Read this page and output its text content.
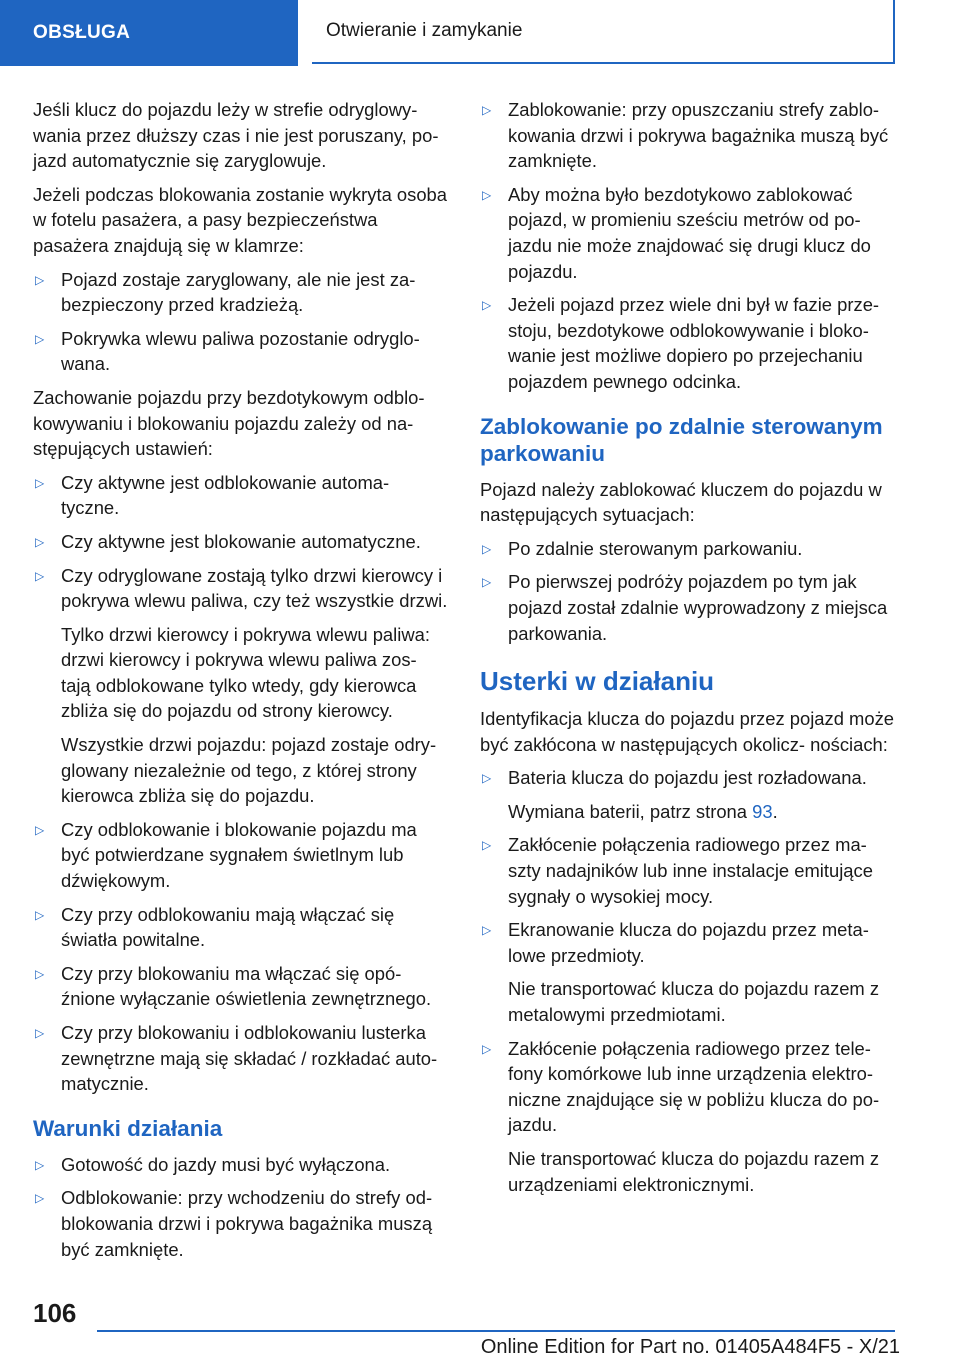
OBSŁUGA	Otwieranie i zamykanie

Jeśli klucz do pojazdu leży w strefie odryglowy‐ wania przez dłuższy czas i nie jest poruszany, po‐ jazd automatycznie się zaryglowuje.

Jeżeli podczas blokowania zostanie wykryta osoba w fotelu pasażera, a pasy bezpieczeństwa pasażera znajdują się w klamrze:

▷ Pojazd zostaje zaryglowany, ale nie jest za‐ bezpieczony przed kradzieżą.

▷ Pokrywka wlewu paliwa pozostanie odryglo‐ wana.

Zachowanie pojazdu przy bezdotykowym odblo‐ kowywaniu i blokowaniu pojazdu zależy od na‐ stępujących ustawień:

▷ Czy aktywne jest odblokowanie automa‐ tyczne.

▷ Czy aktywne jest blokowanie automatyczne.

▷ Czy odryglowane zostają tylko drzwi kierowcy i pokrywa wlewu paliwa, czy też wszystkie drzwi.

Tylko drzwi kierowcy i pokrywa wlewu paliwa: drzwi kierowcy i pokrywa wlewu paliwa zos‐ tają odblokowane tylko wtedy, gdy kierowca zbliża się do pojazdu od strony kierowcy.

Wszystkie drzwi pojazdu: pojazd zostaje odry‐ glowany niezależnie od tego, z której strony kierowca zbliża się do pojazdu.

▷ Czy odblokowanie i blokowanie pojazdu ma być potwierdzane sygnałem świetlnym lub dźwiękowym.

▷ Czy przy odblokowaniu mają włączać się światła powitalne.

▷ Czy przy blokowaniu ma włączać się opó‐ źnione wyłączanie oświetlenia zewnętrznego.

▷ Czy przy blokowaniu i odblokowaniu lusterka zewnętrzne mają się składać / rozkładać auto‐ matycznie.

Warunki działania
▷ Gotowość do jazdy musi być wyłączona.

▷ Odblokowanie: przy wchodzeniu do strefy od‐ blokowania drzwi i pokrywa bagażnika muszą być zamknięte.

▷ Zablokowanie: przy opuszczaniu strefy zablo‐ kowania drzwi i pokrywa bagażnika muszą być zamknięte.

▷ Aby można było bezdotykowo zablokować pojazd, w promieniu sześciu metrów od po‐ jazdu nie może znajdować się drugi klucz do pojazdu.

▷ Jeżeli pojazd przez wiele dni był w fazie prze‐ stoju, bezdotykowe odblokowywanie i bloko‐ wanie jest możliwe dopiero po przejechaniu pojazdem pewnego odcinka.

Zablokowanie po zdalnie sterowanym parkowaniu

Pojazd należy zablokować kluczem do pojazdu w następujących sytuacjach:

▷ Po zdalnie sterowanym parkowaniu.

▷ Po pierwszej podróży pojazdem po tym jak pojazd został zdalnie wyprowadzony z miejsca parkowania.

Usterki w działaniu

Identyfikacja klucza do pojazdu przez pojazd może być zakłócona w następujących okolicz‐ nościach:

▷ Bateria klucza do pojazdu jest rozładowana.

Wymiana baterii, patrz strona 93.

▷ Zakłócenie połączenia radiowego przez ma‐ szty nadajników lub inne instalacje emitujące sygnały o wysokiej mocy.

▷ Ekranowanie klucza do pojazdu przez meta‐ lowe przedmioty.

Nie transportować klucza do pojazdu razem z metalowymi przedmiotami.

▷ Zakłócenie połączenia radiowego przez tele‐ fony komórkowe lub inne urządzenia elektro‐ niczne znajdujące się w pobliżu klucza do po‐ jazdu.

Nie transportować klucza do pojazdu razem z urządzeniami elektronicznymi.

106
Online Edition for Part no. 01405A484F5 - X/21
